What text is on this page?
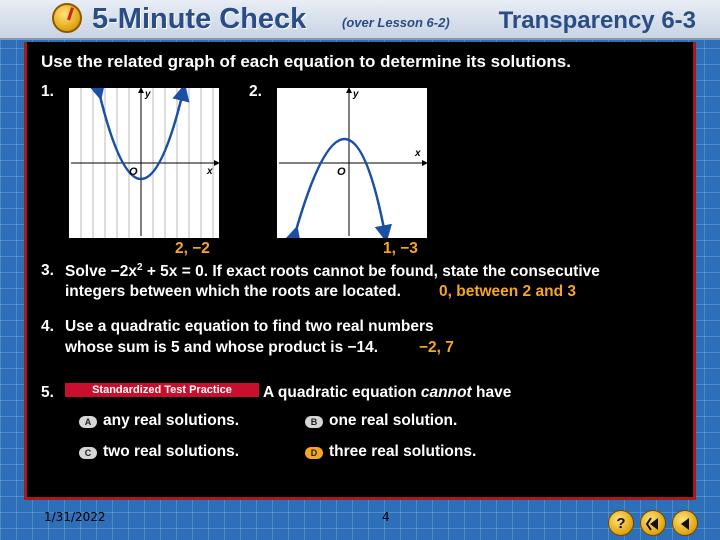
5-Minute Check	(over Lesson 6-2) Transparency 6-3
Use the related graph of each equation to determine its solutions.
1.	y
x
O
2, −2
2.	y
x
O
1, −3
3. Solve $-2x^2 + 5x = 0$. If exact roots cannot be found, state the consecutive
integers between which the roots are located. 0, between 2 and 3
4. Use a quadratic equation to find two real numbers
whose sum is 5 and whose product is −14.	−2, 7
5.	Standardized Test Practice	A quadratic equation cannot have
A any real solutions.	B one real solution.
C two real solutions.	D three real solutions.
1/31/2022	4	?
